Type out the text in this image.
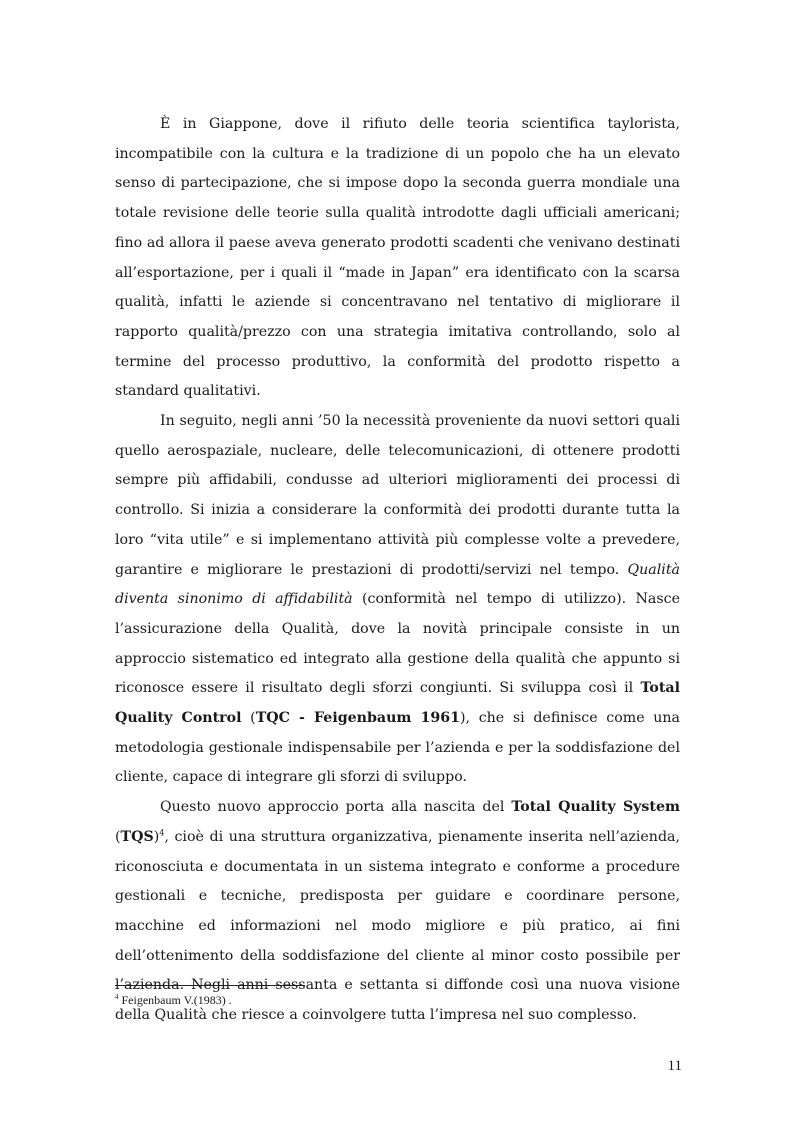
È in Giappone, dove il rifiuto delle teoria scientifica taylorista, incompatibile con la cultura e la tradizione di un popolo che ha un elevato senso di partecipazione, che si impose dopo la seconda guerra mondiale una totale revisione delle teorie sulla qualità introdotte dagli ufficiali americani; fino ad allora il paese aveva generato prodotti scadenti che venivano destinati all’esportazione, per i quali il “made in Japan” era identificato con la scarsa qualità, infatti le aziende si concentravano nel tentativo di migliorare il rapporto qualità/prezzo con una strategia imitativa controllando, solo al termine del processo produttivo, la conformità del prodotto rispetto a standard qualitativi.

In seguito, negli anni ’50 la necessità proveniente da nuovi settori quali quello aerospaziale, nucleare, delle telecomunicazioni, di ottenere prodotti sempre più affidabili, condusse ad ulteriori miglioramenti dei processi di controllo. Si inizia a considerare la conformità dei prodotti durante tutta la loro “vita utile” e si implementano attività più complesse volte a prevedere, garantire e migliorare le prestazioni di prodotti/servizi nel tempo. Qualità diventa sinonimo di affidabilità (conformità nel tempo di utilizzo). Nasce l’assicurazione della Qualità, dove la novità principale consiste in un approccio sistematico ed integrato alla gestione della qualità che appunto si riconosce essere il risultato degli sforzi congiunti. Si sviluppa così il Total Quality Control (TQC - Feigenbaum 1961), che si definisce come una metodologia gestionale indispensabile per l’azienda e per la soddisfazione del cliente, capace di integrare gli sforzi di sviluppo.

Questo nuovo approccio porta alla nascita del Total Quality System (TQS)$^4$, cioè di una struttura organizzativa, pienamente inserita nell’azienda, riconosciuta e documentata in un sistema integrato e conforme a procedure gestionali e tecniche, predisposta per guidare e coordinare persone, macchine ed informazioni nel modo migliore e più pratico, ai fini dell’ottenimento della soddisfazione del cliente al minor costo possibile per l’azienda. Negli anni sessanta e settanta si diffonde così una nuova visione della Qualità che riesce a coinvolgere tutta l’impresa nel suo complesso.

$^4$ Feigenbaum V.(1983) .
11
